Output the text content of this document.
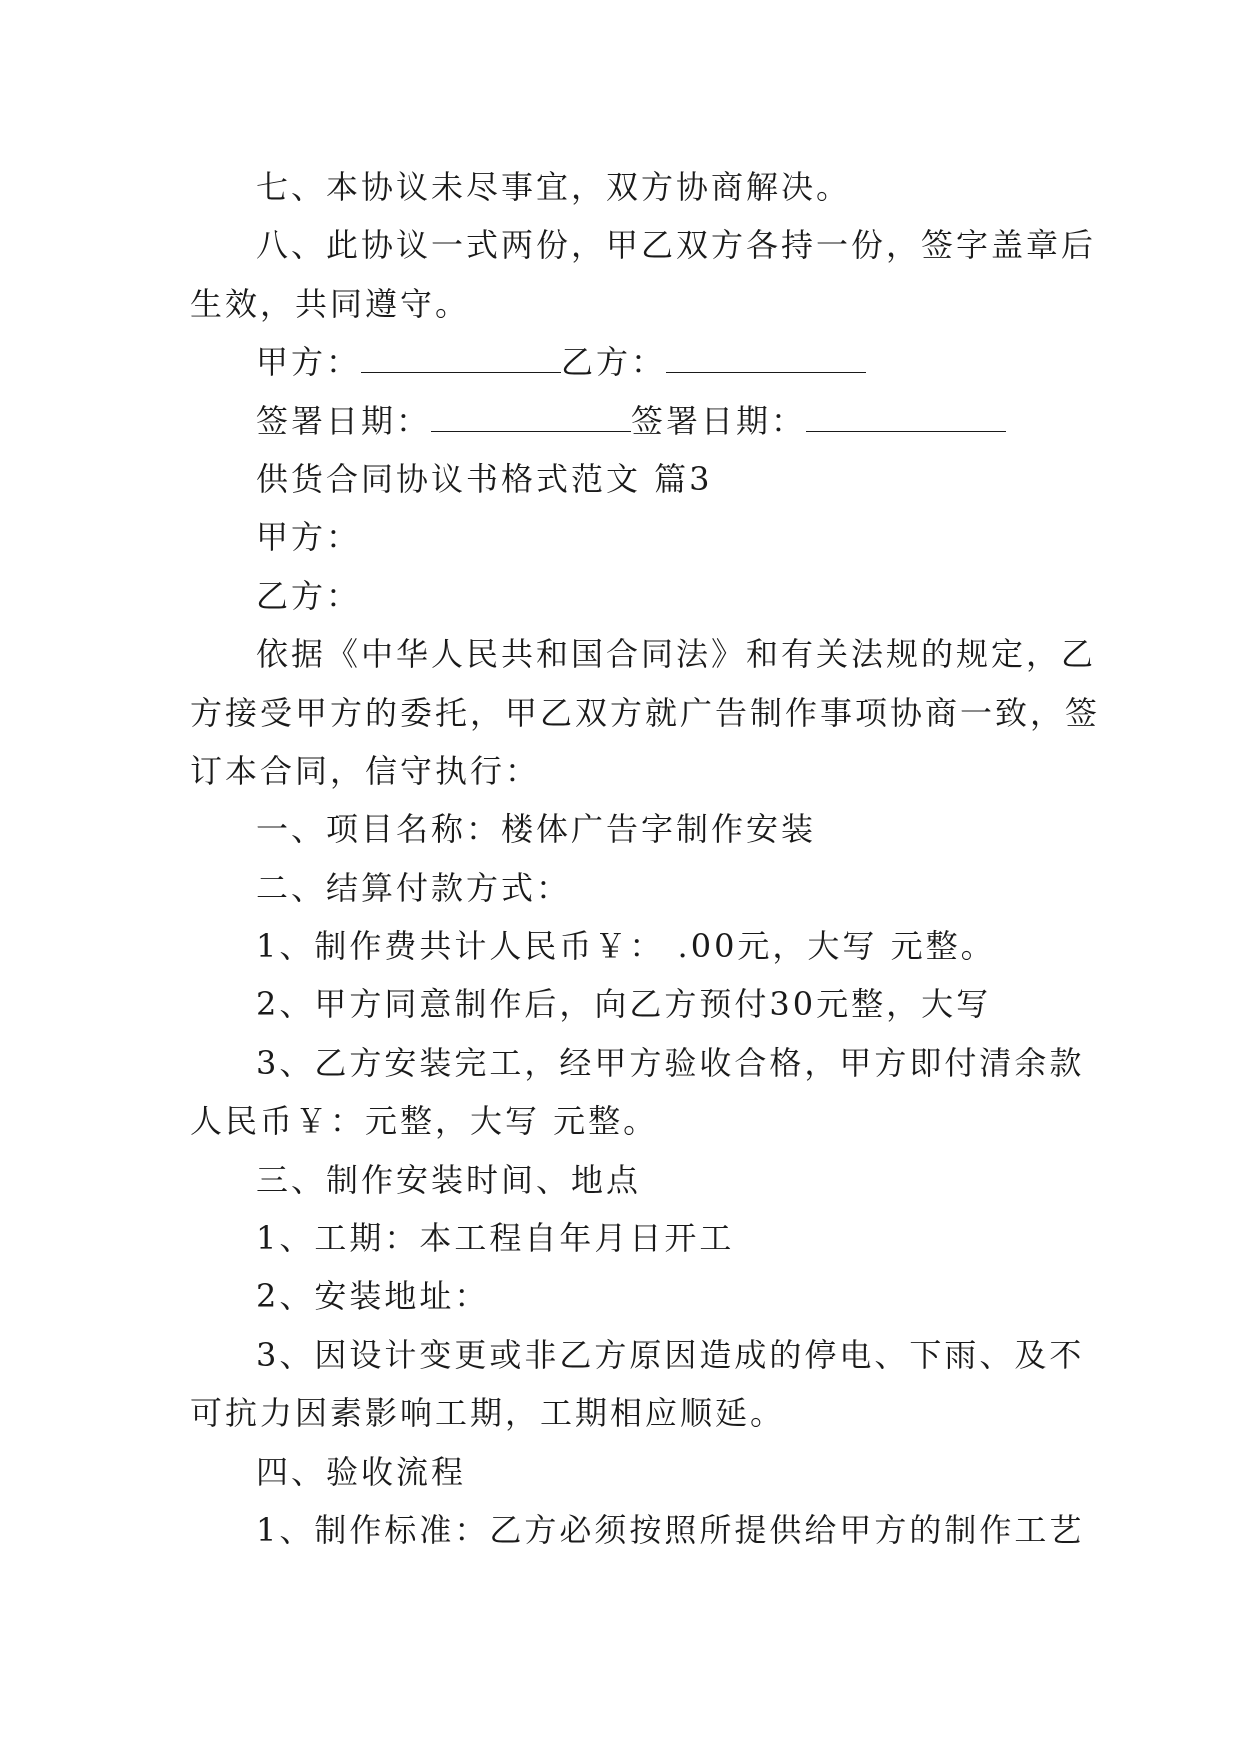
七、本协议未尽事宜，双方协商解决。
八、此协议一式两份，甲乙双方各持一份，签字盖章后
生效，共同遵守。
甲方：	乙方：
签署日期：	签署日期：
供货合同协议书格式范文 篇3
甲方：
乙方：
依据《中华人民共和国合同法》和有关法规的规定，乙
方接受甲方的委托，甲乙双方就广告制作事项协商一致，签
订本合同，信守执行：
一、项目名称：楼体广告字制作安装
二、结算付款方式：
1、制作费共计人民币￥： .00元，大写 元整。
2、甲方同意制作后，向乙方预付30元整，大写
3、乙方安装完工，经甲方验收合格，甲方即付清余款
人民币￥：元整，大写 元整。
三、制作安装时间、地点
1、工期：本工程自年月日开工
2、安装地址：
3、因设计变更或非乙方原因造成的停电、下雨、及不
可抗力因素影响工期，工期相应顺延。
四、验收流程
1、制作标准：乙方必须按照所提供给甲方的制作工艺
